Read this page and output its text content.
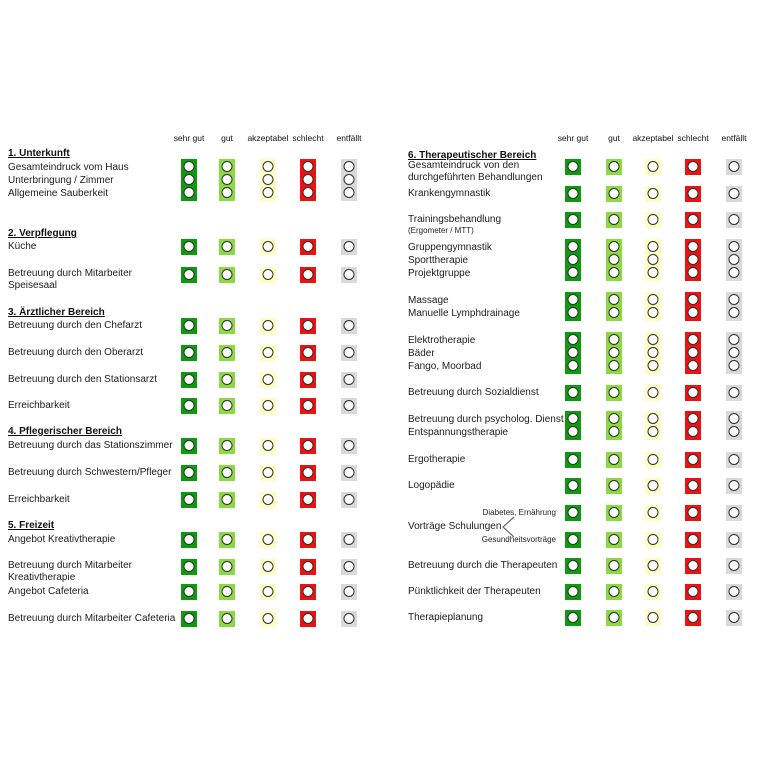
sehr gut gut akzeptabel schlecht entfällt
1. Unterkunft
Gesamteindruck vom Haus
Unterbringung / Zimmer
Allgemeine Sauberkeit
2. Verpflegung
Küche
Betreuung durch Mitarbeiter
Speisesaal
3. Ärztlicher Bereich
Betreuung durch den Chefarzt
Betreuung durch den Oberarzt
Betreuung durch den Stationsarzt
Erreichbarkeit
4. Pflegerischer Bereich
Betreuung durch das Stationszimmer
Betreuung durch Schwestern/Pfleger
Erreichbarkeit
5. Freizeit
Angebot Kreativtherapie
Betreuung durch Mitarbeiter
Kreativtherapie
Angebot Cafeteria
Betreuung durch Mitarbeiter Cafeteria
sehr gut gut akzeptabel schlecht entfällt
6. Therapeutischer Bereich
Gesamteindruck von den
durchgeführten Behandlungen
Krankengymnastik
Trainingsbehandlung
(Ergometer / MTT)
Gruppengymnastik
Sporttherapie
Projektgruppe
Massage
Manuelle Lymphdrainage
Elektrotherapie
Bäder
Fango, Moorbad
Betreuung durch Sozialdienst
Betreuung durch psycholog. Dienst
Entspannungstherapie
Ergotherapie
Logopädie
Vorträge Schulungen
Diabetes, Ernährung
Gesundheitsvorträge
Betreuung durch die Therapeuten
Pünktlichkeit der Therapeuten
Therapieplanung
